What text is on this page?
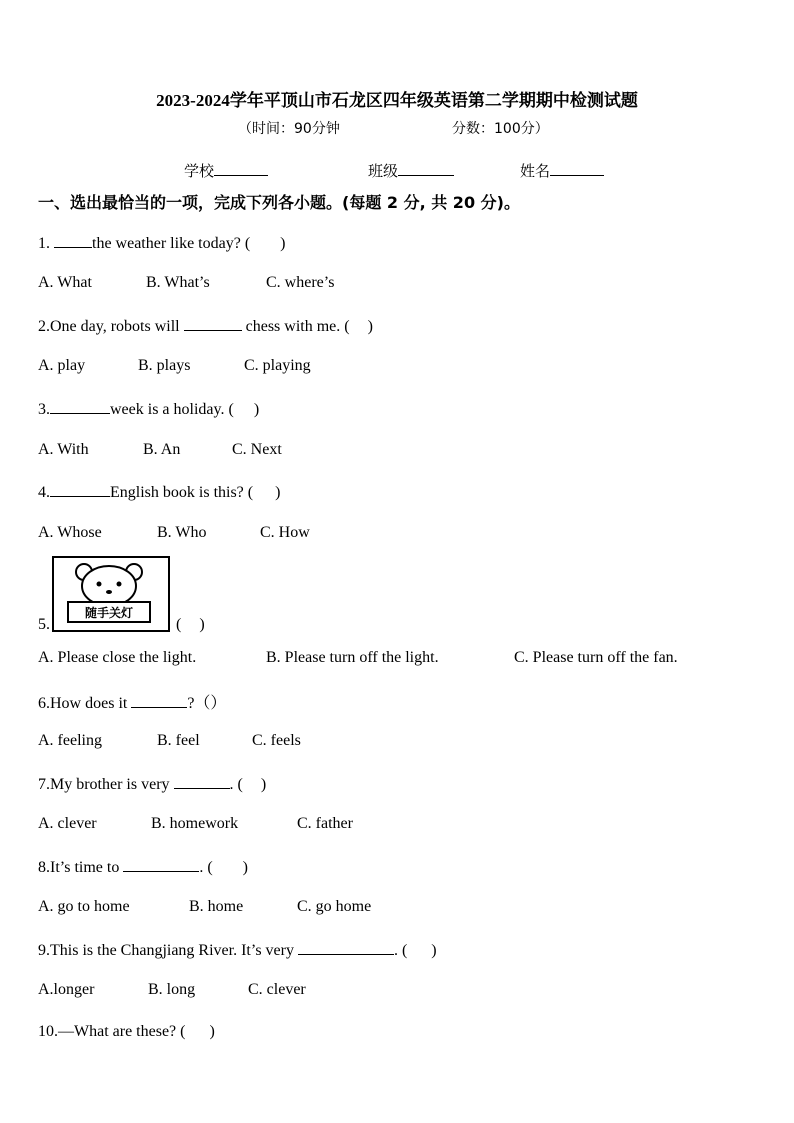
2023-2024学年平顶山市石龙区四年级英语第二学期期中检测试题
（时间：90分钟	分数：100分）
学校	班级	姓名
一、选出最恰当的一项，完成下列各小题。(每题 2 分, 共 20 分)。
1.	the weather like today? ( )
A. What	B. What’s	C. where’s
2.One day, robots will	chess with me. ( )
A. play	B. plays	C. playing
3.	week is a holiday. ( )
A. With	B. An	C. Next
4.	English book is this? ( )
A. Whose	B. Who	C. How
随手关灯
5.	( )
A. Please close the light.	B. Please turn off the light.	C. Please turn off the fan.
6.How does it	?（）
A. feeling	B. feel	C. feels
7.My brother is very	. ( )
A. clever	B. homework	C. father
8.It’s time to	. ( )
A. go to home	B. home	C. go home
9.This is the Changjiang River. It’s very	. ( )
A.longer	B. long	C. clever
10.—What are these? ( )
